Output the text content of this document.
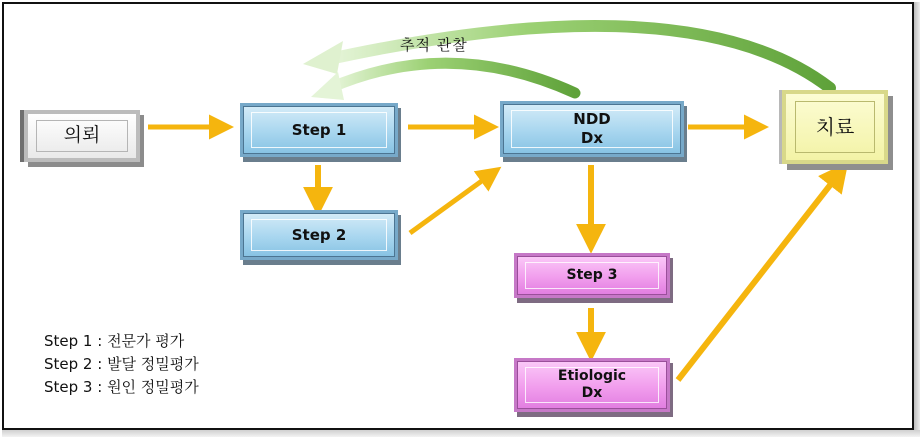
의뢰	Step 1
NDD
Dx	치료
Step 2
Step 3
Etiologic
Dx
추적 관찰
Step 1 : 전문가 평가
Step 2 : 발달 정밀평가
Step 3 : 원인 정밀평가
